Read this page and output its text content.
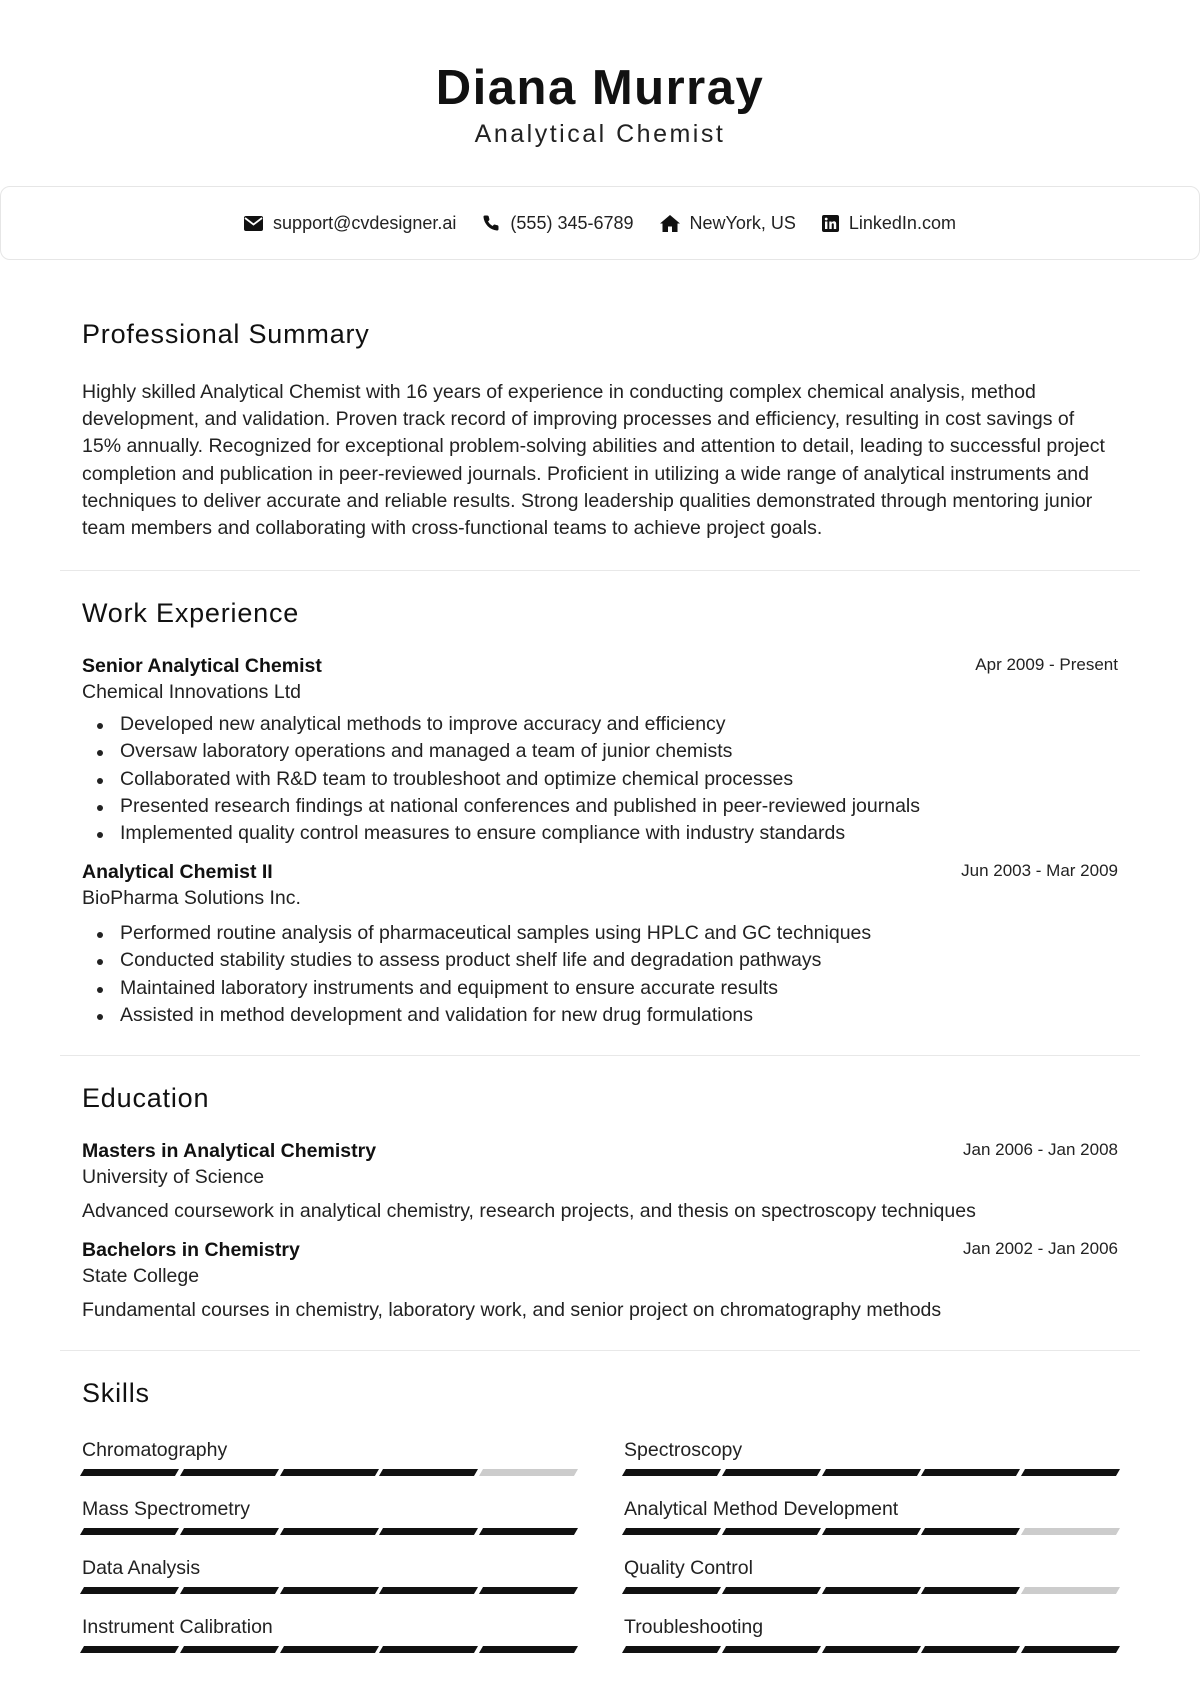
Diana Murray
Analytical Chemist
support@cvdesigner.ai	(555) 345-6789	NewYork, US	LinkedIn.com
Professional Summary
Highly skilled Analytical Chemist with 16 years of experience in conducting complex chemical analysis, method development, and validation. Proven track record of improving processes and efficiency, resulting in cost savings of 15% annually. Recognized for exceptional problem-solving abilities and attention to detail, leading to successful project completion and publication in peer-reviewed journals. Proficient in utilizing a wide range of analytical instruments and techniques to deliver accurate and reliable results. Strong leadership qualities demonstrated through mentoring junior team members and collaborating with cross-functional teams to achieve project goals.
Work Experience
Senior Analytical Chemist	Apr 2009 - Present
Chemical Innovations Ltd
Developed new analytical methods to improve accuracy and efficiency
Oversaw laboratory operations and managed a team of junior chemists
Collaborated with R&D team to troubleshoot and optimize chemical processes
Presented research findings at national conferences and published in peer-reviewed journals
Implemented quality control measures to ensure compliance with industry standards
Analytical Chemist II	Jun 2003 - Mar 2009
BioPharma Solutions Inc.
Performed routine analysis of pharmaceutical samples using HPLC and GC techniques
Conducted stability studies to assess product shelf life and degradation pathways
Maintained laboratory instruments and equipment to ensure accurate results
Assisted in method development and validation for new drug formulations
Education
Masters in Analytical Chemistry	Jan 2006 - Jan 2008
University of Science
Advanced coursework in analytical chemistry, research projects, and thesis on spectroscopy techniques
Bachelors in Chemistry	Jan 2002 - Jan 2006
State College
Fundamental courses in chemistry, laboratory work, and senior project on chromatography methods
Skills
Chromatography	Spectroscopy
Mass Spectrometry	Analytical Method Development
Data Analysis	Quality Control
Instrument Calibration	Troubleshooting
